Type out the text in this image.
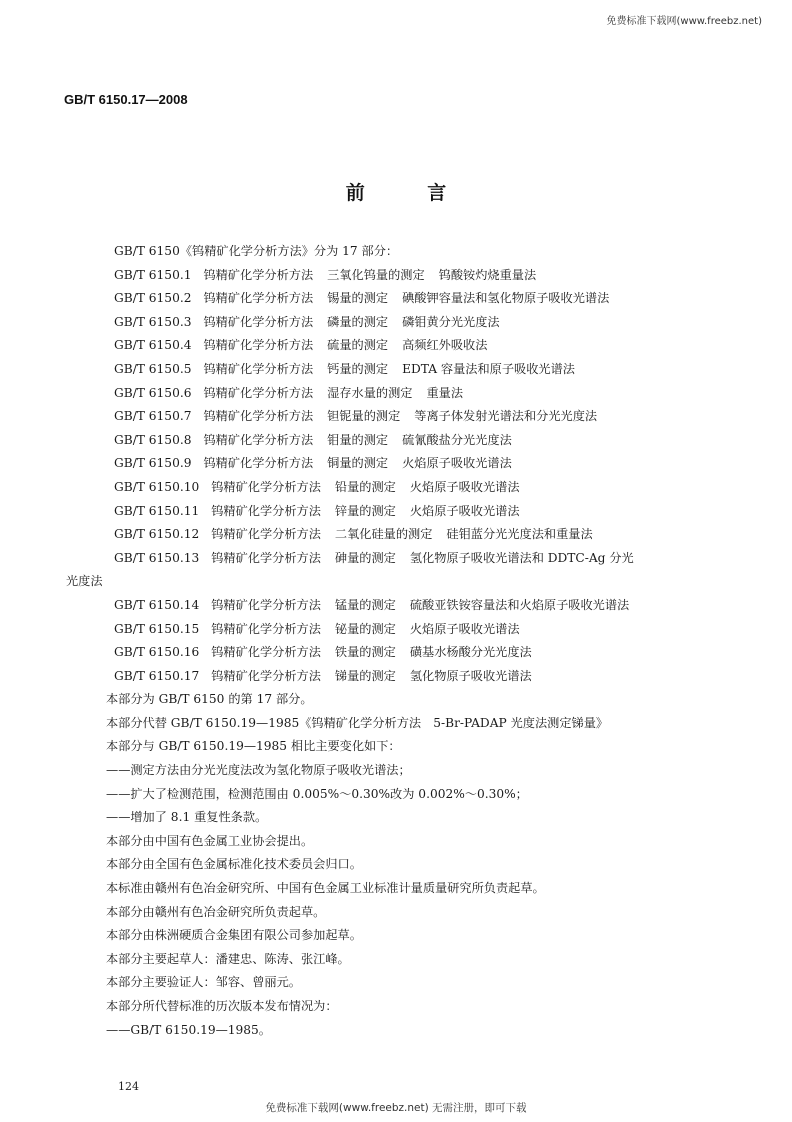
免费标准下载网(www.freebz.net)
GB/T 6150.17—2008
前 言
GB/T 6150《钨精矿化学分析方法》分为 17 部分：
GB/T 6150.1 钨精矿化学分析方法 三氧化钨量的测定 钨酸铵灼烧重量法
GB/T 6150.2 钨精矿化学分析方法 锡量的测定 碘酸钾容量法和氢化物原子吸收光谱法
GB/T 6150.3 钨精矿化学分析方法 磷量的测定 磷钼黄分光光度法
GB/T 6150.4 钨精矿化学分析方法 硫量的测定 高频红外吸收法
GB/T 6150.5 钨精矿化学分析方法 钙量的测定 EDTA 容量法和原子吸收光谱法
GB/T 6150.6 钨精矿化学分析方法 湿存水量的测定 重量法
GB/T 6150.7 钨精矿化学分析方法 钽铌量的测定 等离子体发射光谱法和分光光度法
GB/T 6150.8 钨精矿化学分析方法 钼量的测定 硫氰酸盐分光光度法
GB/T 6150.9 钨精矿化学分析方法 铜量的测定 火焰原子吸收光谱法
GB/T 6150.10 钨精矿化学分析方法 铅量的测定 火焰原子吸收光谱法
GB/T 6150.11 钨精矿化学分析方法 锌量的测定 火焰原子吸收光谱法
GB/T 6150.12 钨精矿化学分析方法 二氧化硅量的测定 硅钼蓝分光光度法和重量法
GB/T 6150.13 钨精矿化学分析方法 砷量的测定 氢化物原子吸收光谱法和 DDTC-Ag 分光
光度法
GB/T 6150.14 钨精矿化学分析方法 锰量的测定 硫酸亚铁铵容量法和火焰原子吸收光谱法
GB/T 6150.15 钨精矿化学分析方法 铋量的测定 火焰原子吸收光谱法
GB/T 6150.16 钨精矿化学分析方法 铁量的测定 磺基水杨酸分光光度法
GB/T 6150.17 钨精矿化学分析方法 锑量的测定 氢化物原子吸收光谱法
本部分为 GB/T 6150 的第 17 部分。
本部分代替 GB/T 6150.19—1985《钨精矿化学分析方法　5-Br-PADAP 光度法测定锑量》
本部分与 GB/T 6150.19—1985 相比主要变化如下：
——测定方法由分光光度法改为氢化物原子吸收光谱法；
——扩大了检测范围，检测范围由 0.005%～0.30%改为 0.002%～0.30%；
——增加了 8.1 重复性条款。
本部分由中国有色金属工业协会提出。
本部分由全国有色金属标准化技术委员会归口。
本标准由赣州有色冶金研究所、中国有色金属工业标准计量质量研究所负责起草。
本部分由赣州有色冶金研究所负责起草。
本部分由株洲硬质合金集团有限公司参加起草。
本部分主要起草人：潘建忠、陈涛、张江峰。
本部分主要验证人：邹容、曾丽元。
本部分所代替标准的历次版本发布情况为：
——GB/T 6150.19—1985。
124
免费标准下载网(www.freebz.net) 无需注册，即可下载
